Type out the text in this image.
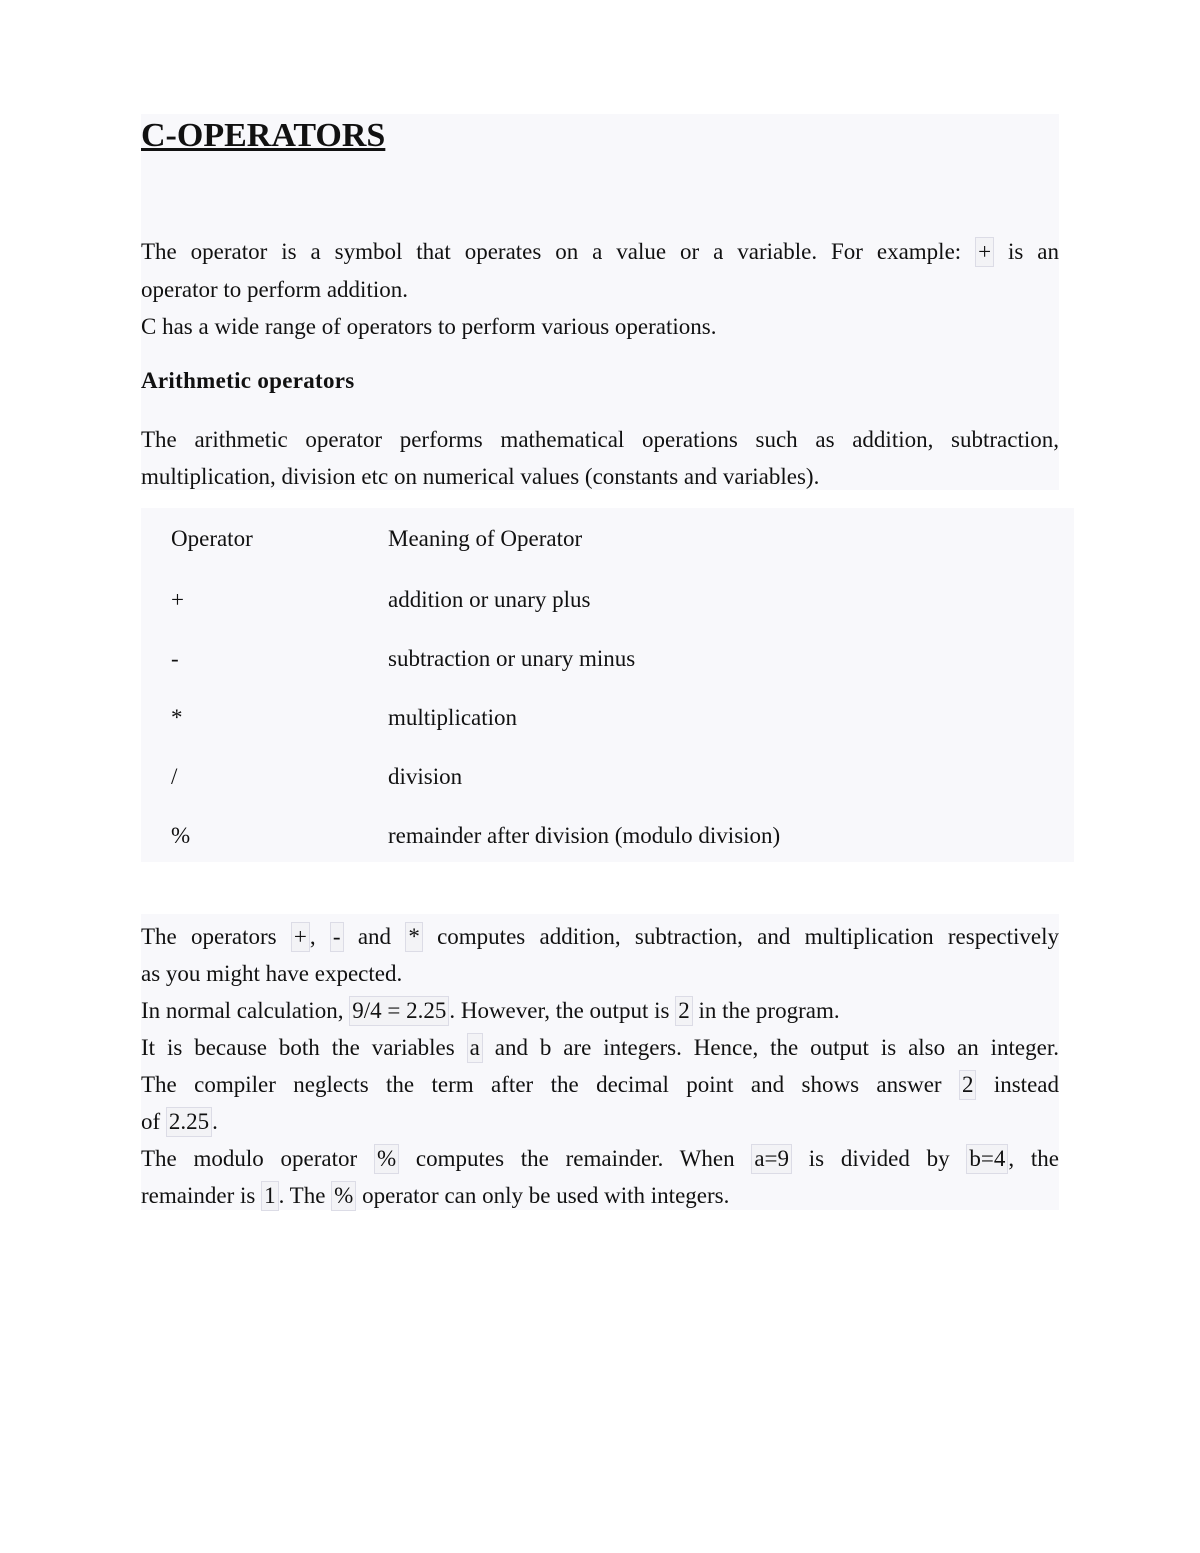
C-OPERATORS

The operator is a symbol that operates on a value or a variable. For example: + is an

operator to perform addition.

C has a wide range of operators to perform various operations.

Arithmetic operators

The arithmetic operator performs mathematical operations such as addition, subtraction,

multiplication, division etc on numerical values (constants and variables).

Operator	Meaning of Operator
+	addition or unary plus
-	subtraction or unary minus
*	multiplication
/	division
%	remainder after division (modulo division)

The operators + , - and * computes addition, subtraction, and multiplication respectively

as you might have expected.

In normal calculation, 9/4 = 2.25 . However, the output is 2 in the program.

It is because both the variables a and b are integers. Hence, the output is also an integer.

The compiler neglects the term after the decimal point and shows answer 2 instead

of 2.25 .

The modulo operator % computes the remainder. When a=9 is divided by b=4 , the

remainder is 1 . The % operator can only be used with integers.
